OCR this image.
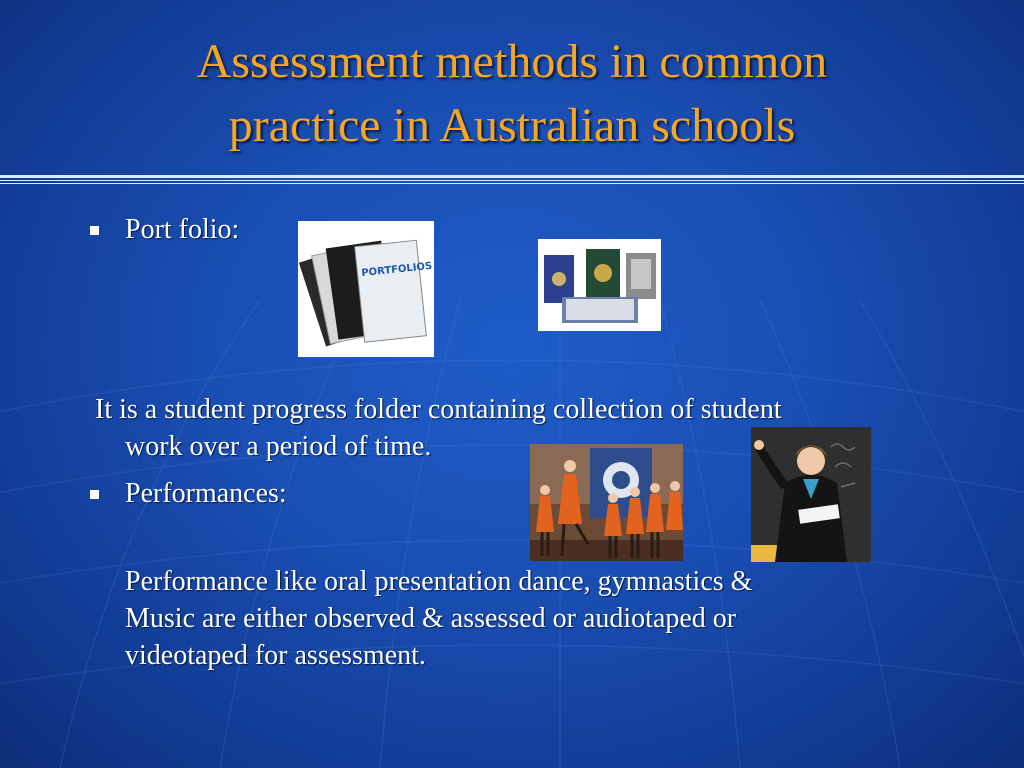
Assessment methods in common
practice in Australian schools
Port folio:
PORTFOLIOS
It is a student progress folder containing collection of student
work over a period of time.
Performances:
Performance like oral presentation dance, gymnastics &
Music are either observed & assessed or audiotaped or
videotaped for assessment.
